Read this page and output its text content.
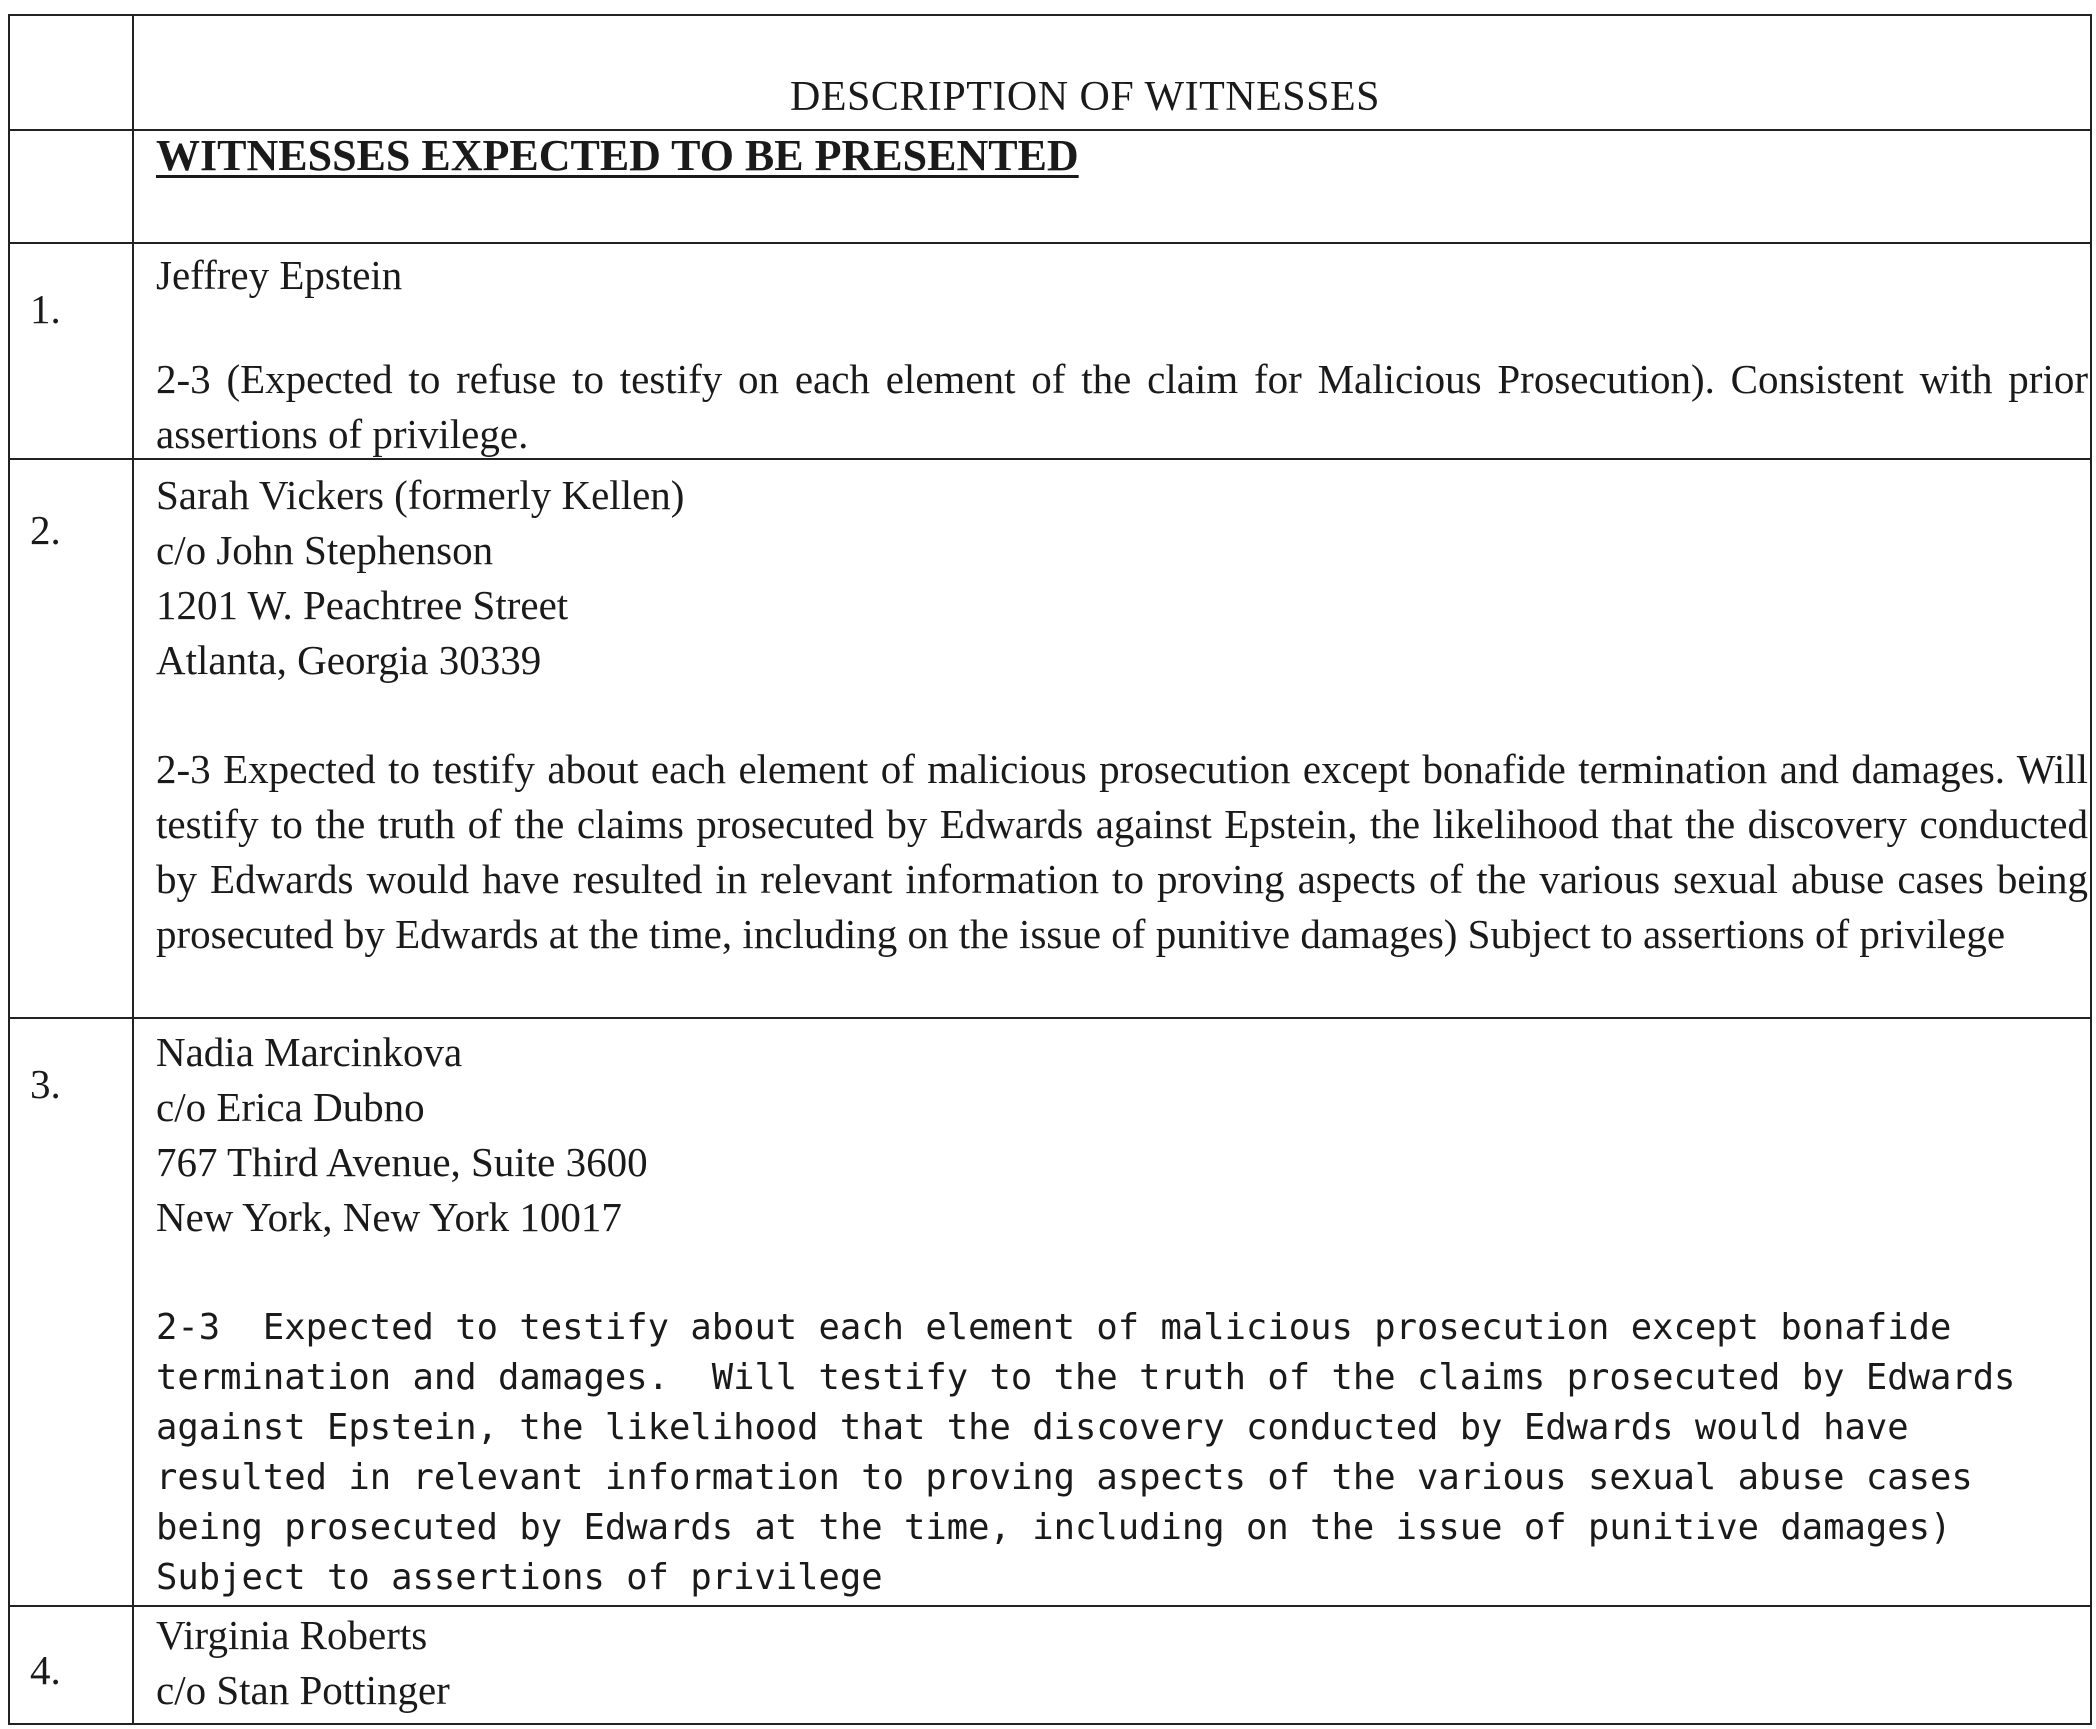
DESCRIPTION OF WITNESSES
WITNESSES EXPECTED TO BE PRESENTED
1.
Jeffrey Epstein
2-3 (Expected to refuse to testify on each element of the claim for Malicious Prosecution). Consistent with prior assertions of privilege.
2.
Sarah Vickers (formerly Kellen)
c/o John Stephenson
1201 W. Peachtree Street
Atlanta, Georgia 30339
2-3 Expected to testify about each element of malicious prosecution except bonafide termination and damages. Will testify to the truth of the claims prosecuted by Edwards against Epstein, the likelihood that the discovery conducted by Edwards would have resulted in relevant information to proving aspects of the various sexual abuse cases being prosecuted by Edwards at the time, including on the issue of punitive damages) Subject to assertions of privilege
3.
Nadia Marcinkova
c/o Erica Dubno
767 Third Avenue, Suite 3600
New York, New York 10017
2-3  Expected to testify about each element of malicious prosecution except bonafide termination and damages.  Will testify to the truth of the claims prosecuted by Edwards against Epstein, the likelihood that the discovery conducted by Edwards would have resulted in relevant information to proving aspects of the various sexual abuse cases being prosecuted by Edwards at the time, including on the issue of punitive damages)  Subject to assertions of privilege
4.
Virginia Roberts
c/o Stan Pottinger
